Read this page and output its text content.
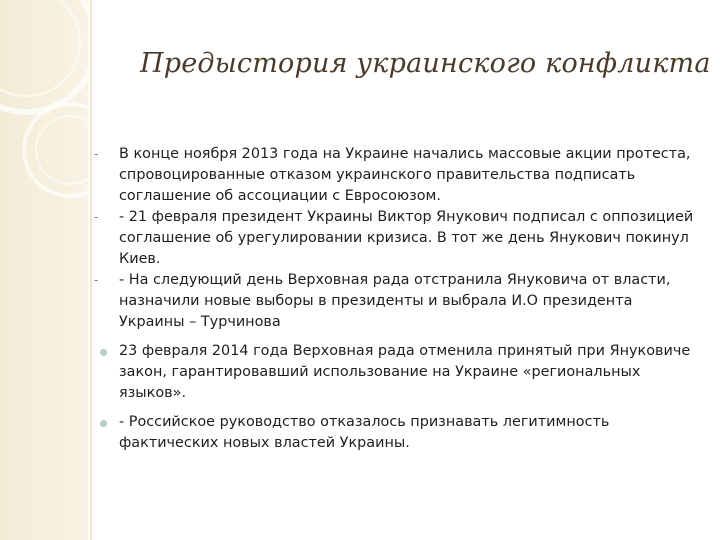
Предыстория украинского конфликта
-	В конце ноября 2013 года на Украине начались массовые акции протеста, спровоцированные отказом украинского правительства подписать соглашение об ассоциации с Евросоюзом.
-	- 21 февраля президент Украины Виктор Янукович подписал с оппозицией соглашение об урегулировании кризиса. В тот же день Янукович покинул Киев.
-	- На следующий день Верховная рада отстранила Януковича от власти, назначили новые выборы в президенты и выбрала И.О президента Украины – Турчинова
23 февраля 2014 года Верховная рада отменила принятый при Януковиче закон, гарантировавший использование на Украине «региональных языков».
- Российское руководство отказалось признавать легитимность фактических новых властей Украины.
